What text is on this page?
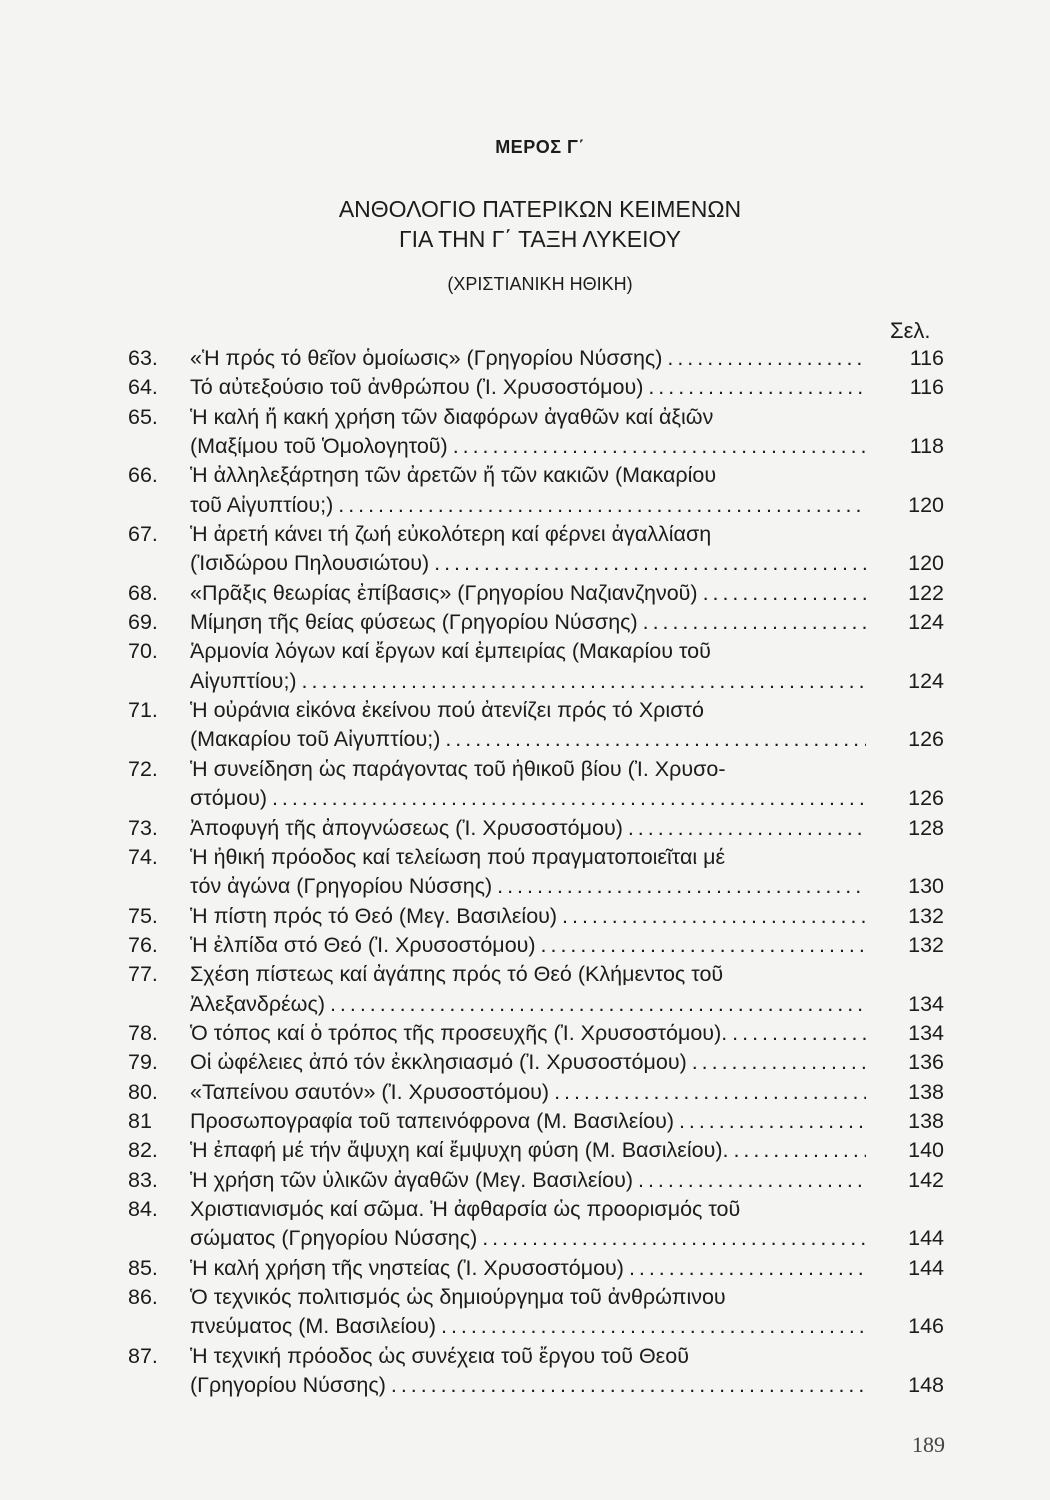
ΜΕΡΟΣ Γ΄
ΑΝΘΟΛΟΓΙΟ ΠΑΤΕΡΙΚΩΝ ΚΕΙΜΕΝΩΝ
ΓΙΑ ΤΗΝ Γ΄ ΤΑΞΗ ΛΥΚΕΙΟΥ
(ΧΡΙΣΤΙΑΝΙΚΗ ΗΘΙΚΗ)
Σελ.
63. «Ἡ πρός τό θεῖον ὁμοίωσις» (Γρηγορίου Νύσσης) . . .	116
64. Τό αὐτεξούσιο τοῦ ἀνθρώπου (Ἰ. Χρυσοστόμου) . . .	116
65. Ἡ καλή ἤ κακή χρήση τῶν διαφόρων ἀγαθῶν καί ἀξιῶν
(Μαξίμου τοῦ Ὁμολογητοῦ) . . .	118
66. Ἡ ἀλληλεξάρτηση τῶν ἀρετῶν ἤ τῶν κακιῶν (Μακαρίου
τοῦ Αἰγυπτίου;) . . .	120
67. Ἡ ἀρετή κάνει τή ζωή εὐκολότερη καί φέρνει ἀγαλλίαση
(Ἰσιδώρου Πηλουσιώτου) . . .	120
68. «Πρᾶξις θεωρίας ἐπίβασις» (Γρηγορίου Ναζιανζηνοῦ) . . .	122
69. Μίμηση τῆς θείας φύσεως (Γρηγορίου Νύσσης) . . .	124
70. Ἁρμονία λόγων καί ἔργων καί ἐμπειρίας (Μακαρίου τοῦ
Αἰγυπτίου;) . . .	124
71. Ἡ οὐράνια εἰκόνα ἐκείνου πού ἀτενίζει πρός τό Χριστό
(Μακαρίου τοῦ Αἰγυπτίου;) . . .	126
72. Ἡ συνείδηση ὡς παράγοντας τοῦ ἠθικοῦ βίου (Ἰ. Χρυσο-
στόμου) . . .	126
73. Ἀποφυγή τῆς ἀπογνώσεως (Ἰ. Χρυσοστόμου) . . .	128
74. Ἡ ἠθική πρόοδος καί τελείωση πού πραγματοποιεῖται μέ
τόν ἀγώνα (Γρηγορίου Νύσσης) . . .	130
75. Ἡ πίστη πρός τό Θεό (Μεγ. Βασιλείου) . . .	132
76. Ἡ ἐλπίδα στό Θεό (Ἰ. Χρυσοστόμου) . . .	132
77. Σχέση πίστεως καί ἀγάπης πρός τό Θεό (Κλήμεντος τοῦ
Ἀλεξανδρέως) . . .	134
78. Ὁ τόπος καί ὁ τρόπος τῆς προσευχῆς (Ἰ. Χρυσοστόμου). . . .	134
79. Οἱ ὠφέλειες ἀπό τόν ἐκκλησιασμό (Ἰ. Χρυσοστόμου) . . .	136
80. «Ταπείνου σαυτόν» (Ἰ. Χρυσοστόμου) . . .	138
81 Προσωπογραφία τοῦ ταπεινόφρονα (Μ. Βασιλείου) . . .	138
82. Ἡ ἐπαφή μέ τήν ἄψυχη καί ἔμψυχη φύση (Μ. Βασιλείου). . . .	140
83. Ἡ χρήση τῶν ὑλικῶν ἀγαθῶν (Μεγ. Βασιλείου) . . .	142
84. Χριστιανισμός καί σῶμα. Ἡ ἀφθαρσία ὡς προορισμός τοῦ
σώματος (Γρηγορίου Νύσσης) . . .	144
85. Ἡ καλή χρήση τῆς νηστείας (Ἰ. Χρυσοστόμου) . . .	144
86. Ὁ τεχνικός πολιτισμός ὡς δημιούργημα τοῦ ἀνθρώπινου
πνεύματος (Μ. Βασιλείου) . . .	146
87. Ἡ τεχνική πρόοδος ὡς συνέχεια τοῦ ἔργου τοῦ Θεοῦ
(Γρηγορίου Νύσσης) . . .	148
189
